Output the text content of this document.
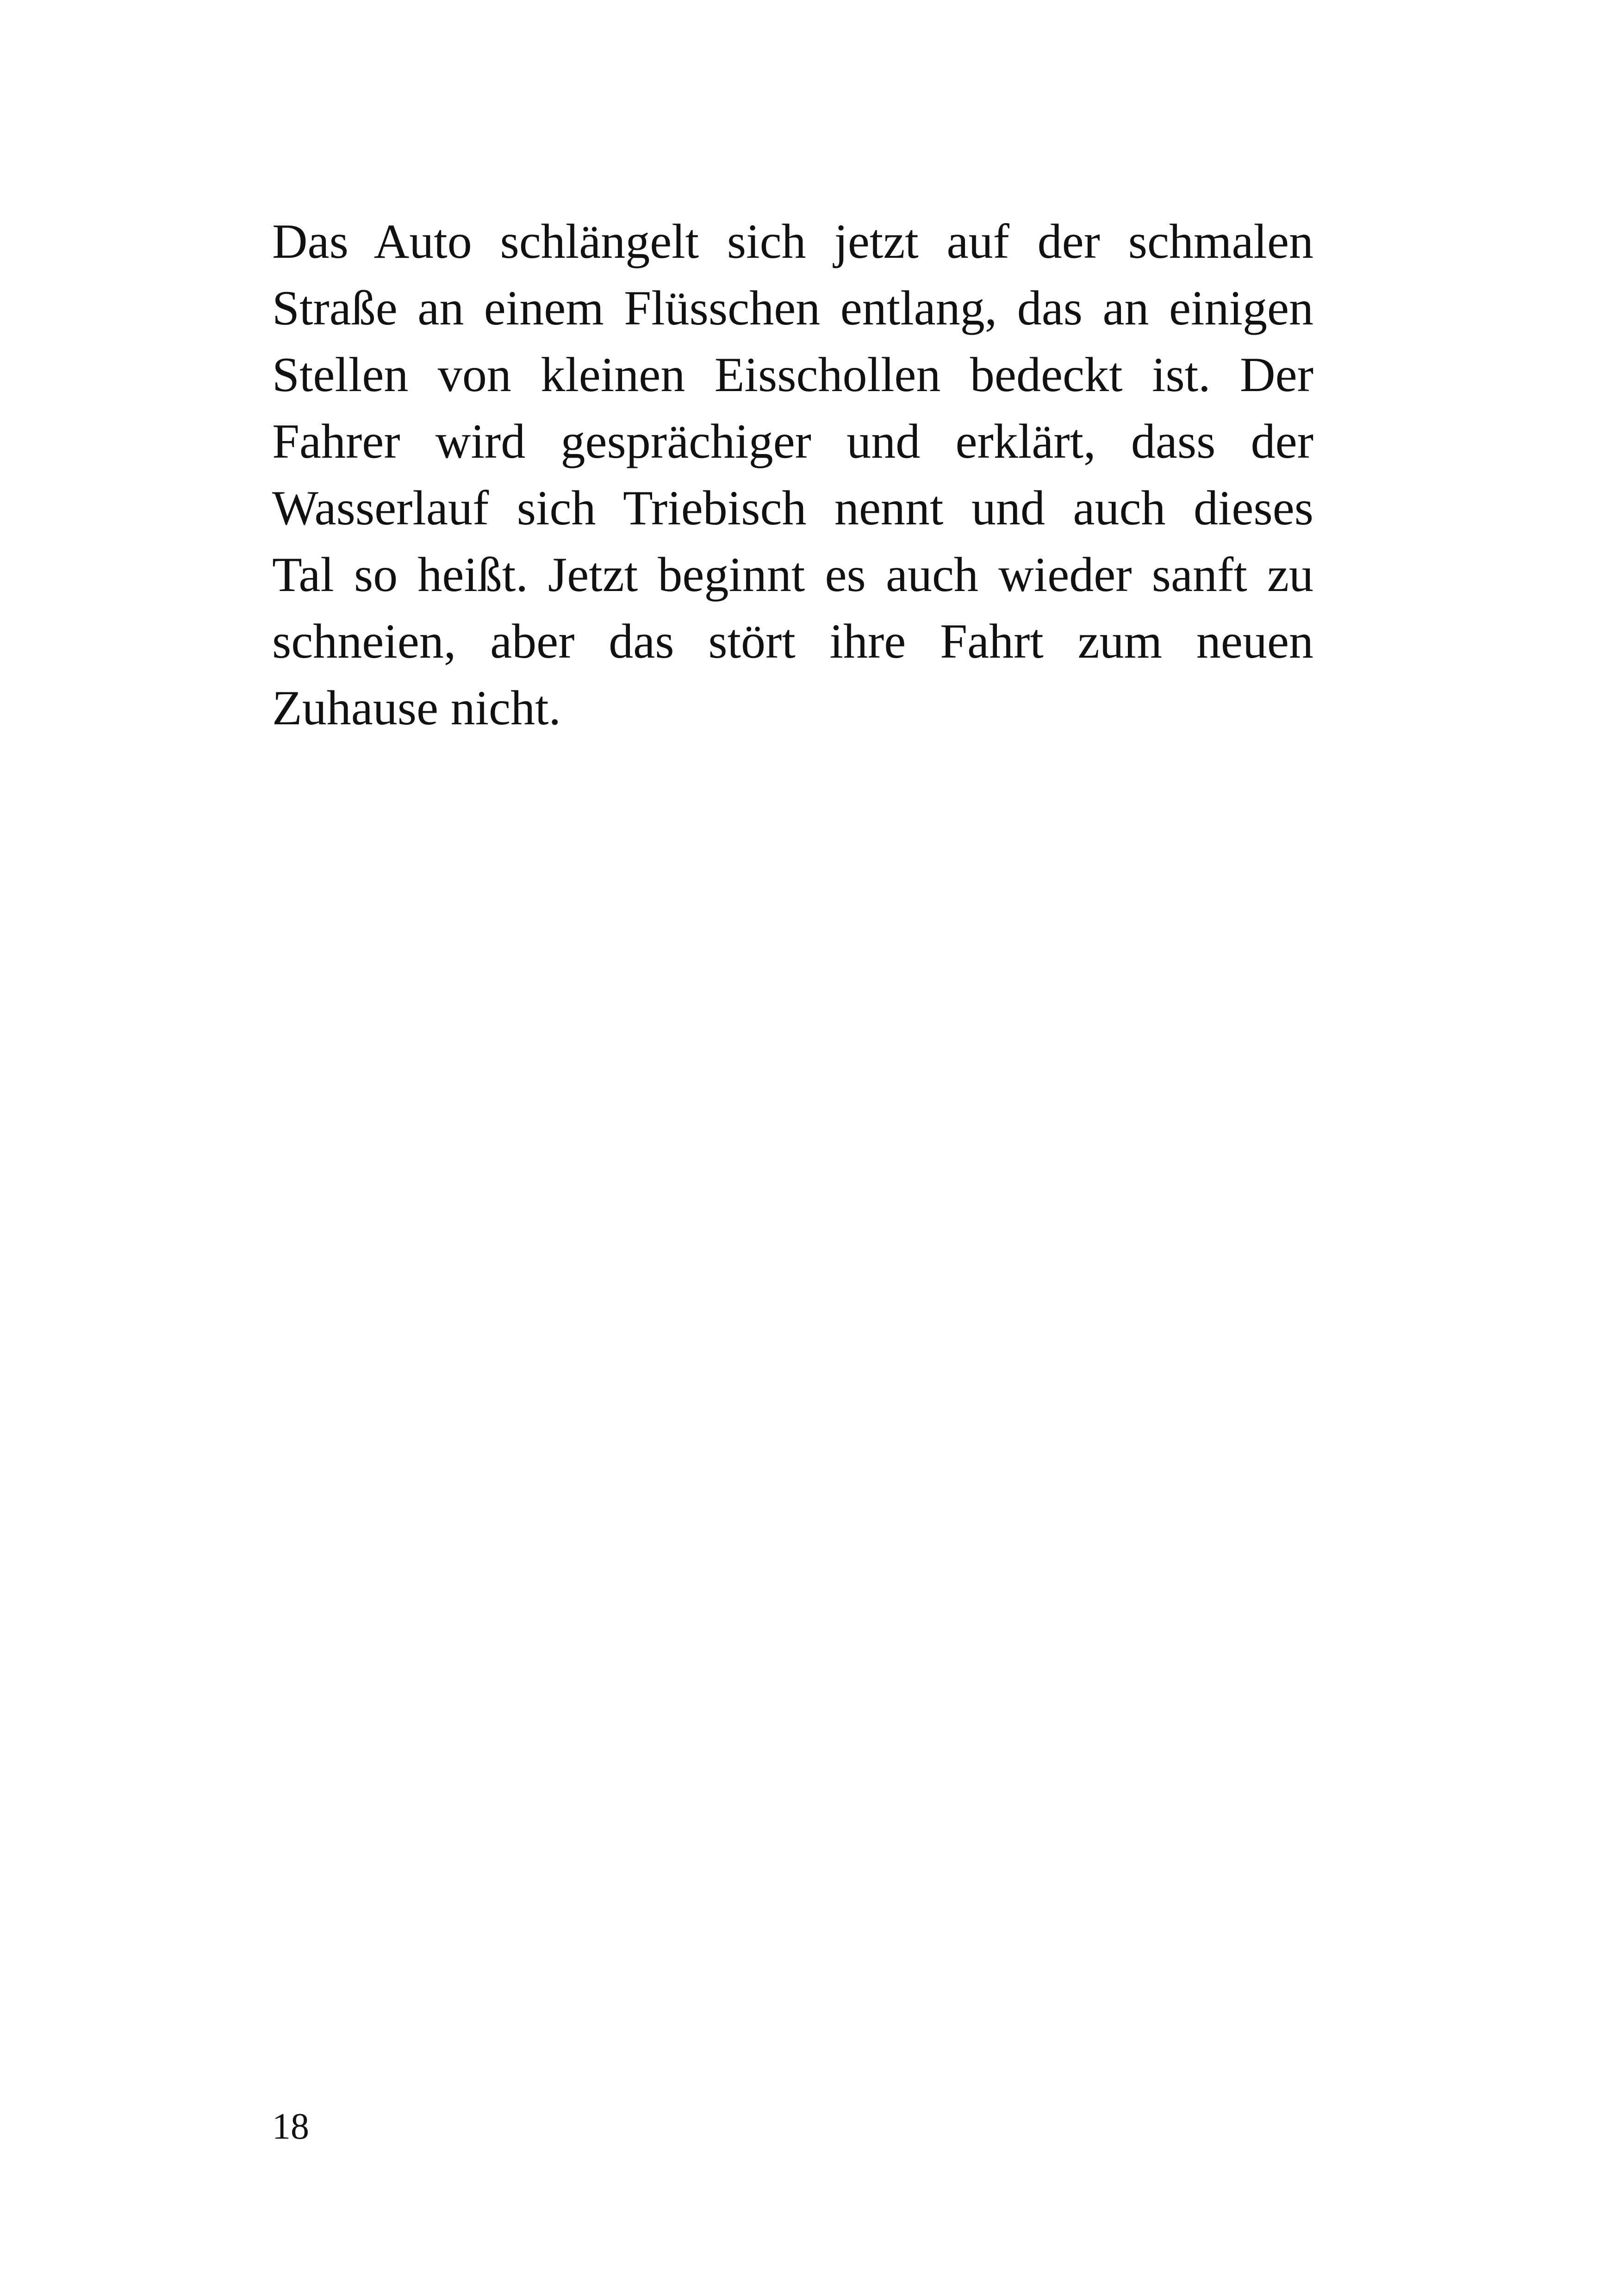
Das Auto schlängelt sich jetzt auf der schmalen
Straße an einem Flüsschen entlang, das an einigen
Stellen von kleinen Eisschollen bedeckt ist. Der
Fahrer wird gesprächiger und erklärt, dass der
Wasserlauf sich Triebisch nennt und auch dieses
Tal so heißt. Jetzt beginnt es auch wieder sanft zu
schneien, aber das stört ihre Fahrt zum neuen
Zuhause nicht.
18
